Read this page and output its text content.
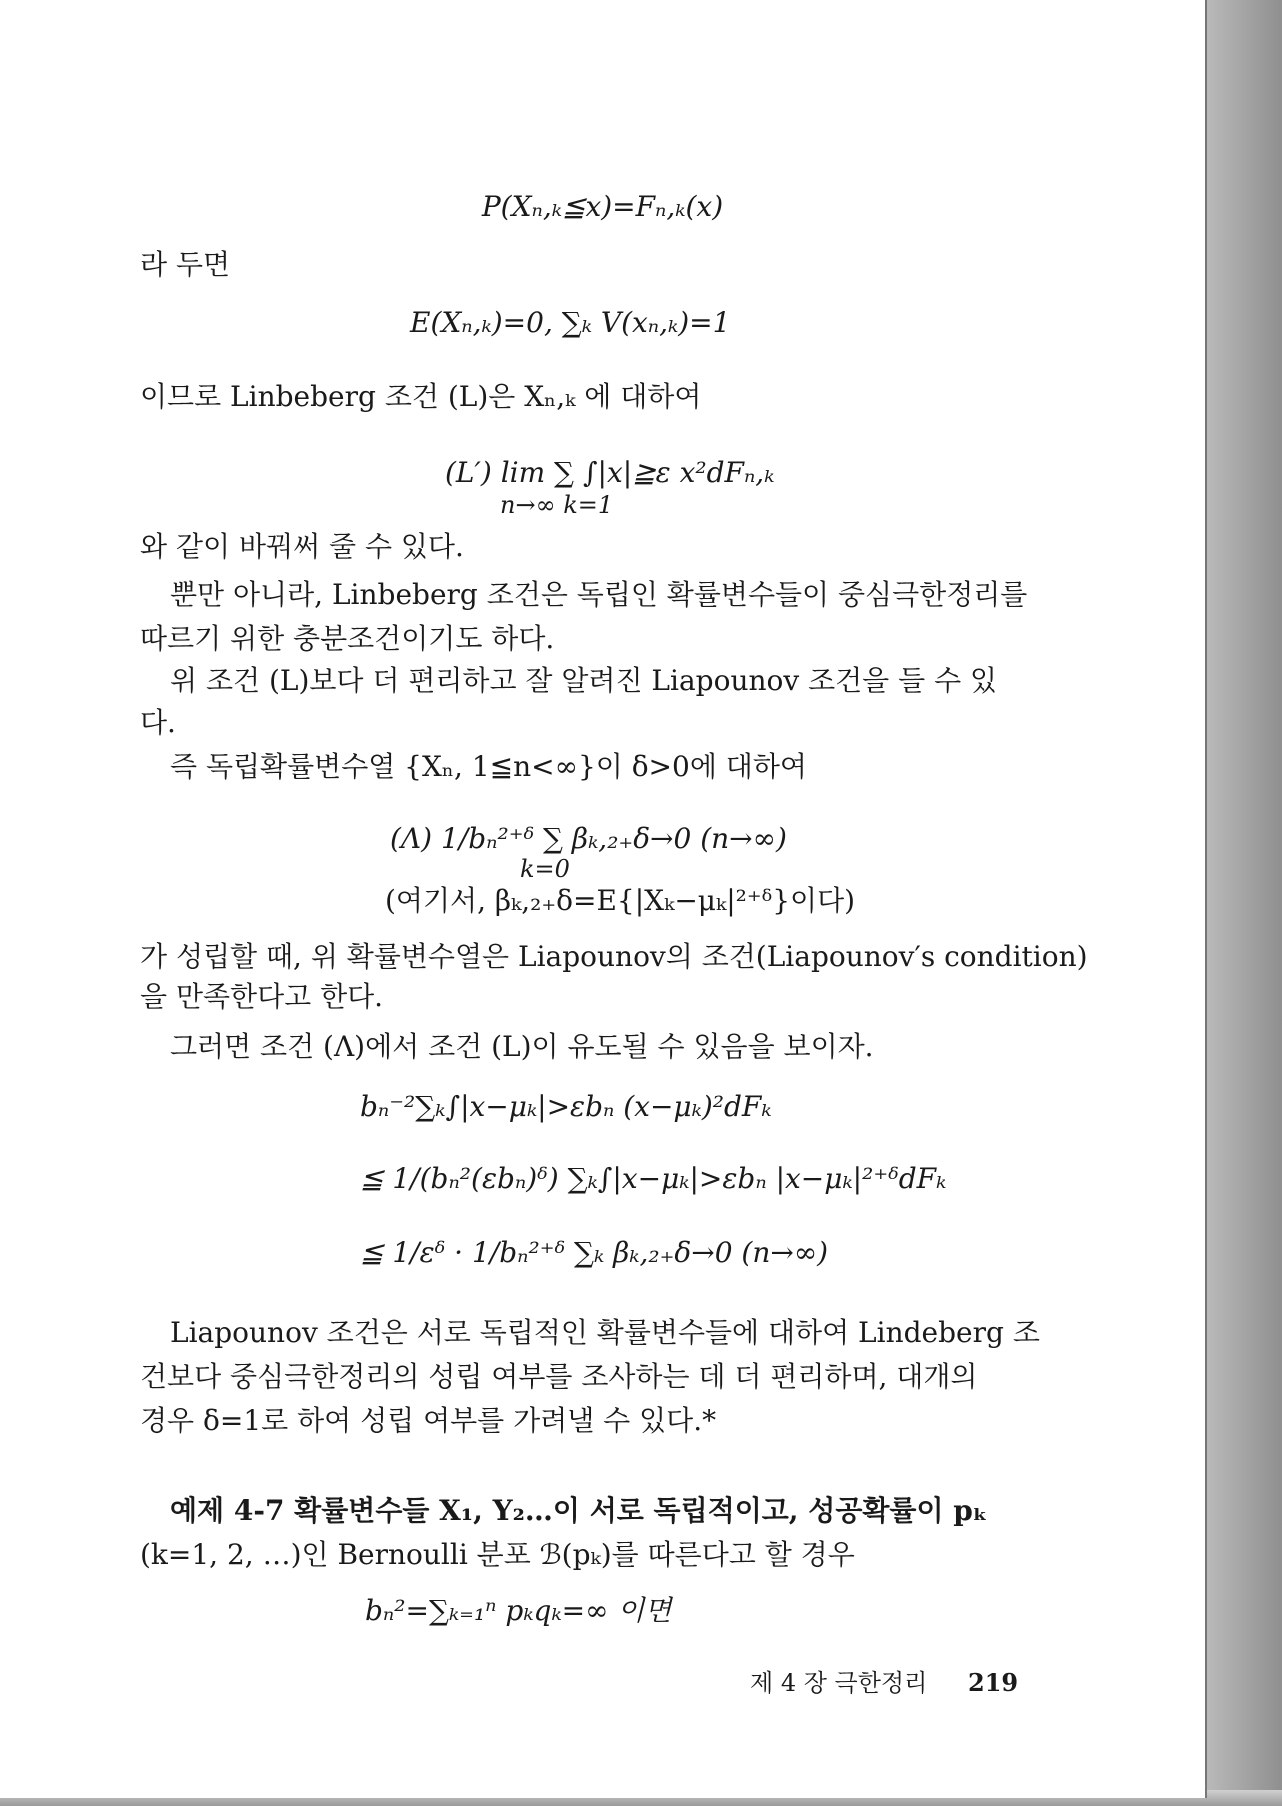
P(Xₙ,ₖ≦x)=Fₙ,ₖ(x)
라 두면
E(Xₙ,ₖ)=0, ∑ₖ V(xₙ,ₖ)=1
이므로 Linbeberg 조건 (L)은 Xₙ,ₖ 에 대하여
(L′) lim ∑ ∫|x|≧ε x²dFₙ,ₖ
n→∞ k=1
와 같이 바꿔써 줄 수 있다.
뿐만 아니라, Linbeberg 조건은 독립인 확률변수들이 중심극한정리를
따르기 위한 충분조건이기도 하다.
위 조건 (L)보다 더 편리하고 잘 알려진 Liapounov 조건을 들 수 있
다.
즉 독립확률변수열 {Xₙ, 1≦n<∞}이 δ>0에 대하여
(Λ) 1/bₙ²⁺ᵟ ∑ βₖ,₂₊δ→0 (n→∞)
k=0
(여기서, βₖ,₂₊δ=E{|Xₖ−μₖ|²⁺ᵟ}이다)
가 성립할 때, 위 확률변수열은 Liapounov의 조건(Liapounov′s condition)
을 만족한다고 한다.
그러면 조건 (Λ)에서 조건 (L)이 유도될 수 있음을 보이자.
bₙ⁻²∑ₖ∫|x−μₖ|>εbₙ (x−μₖ)²dFₖ
≦ 1/(bₙ²(εbₙ)ᵟ) ∑ₖ∫|x−μₖ|>εbₙ |x−μₖ|²⁺ᵟdFₖ
≦ 1/εᵟ · 1/bₙ²⁺ᵟ ∑ₖ βₖ,₂₊δ→0 (n→∞)
Liapounov 조건은 서로 독립적인 확률변수들에 대하여 Lindeberg 조
건보다 중심극한정리의 성립 여부를 조사하는 데 더 편리하며, 대개의
경우 δ=1로 하여 성립 여부를 가려낼 수 있다.*
예제 4-7 확률변수들 X₁, Y₂…이 서로 독립적이고, 성공확률이 pₖ
(k=1, 2, …)인 Bernoulli 분포 ℬ(pₖ)를 따른다고 할 경우
bₙ²=∑ₖ₌₁ⁿ pₖqₖ=∞ 이면
제 4 장 극한정리 219
